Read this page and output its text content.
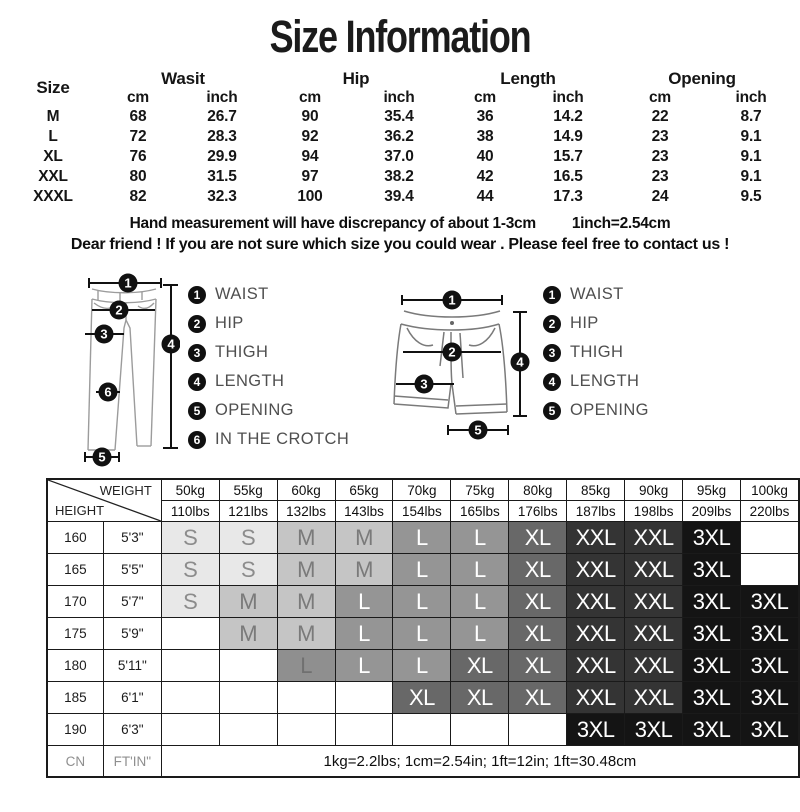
Size Information
Size	Wasit		Hip		Length		Opening	
	cm	inch	cm	inch	cm	inch	cm	inch
M	68	26.7	90	35.4	36	14.2	22	8.7
L	72	28.3	92	36.2	38	14.9	23	9.1
XL	76	29.9	94	37.0	40	15.7	23	9.1
XXL	80	31.5	97	38.2	42	16.5	23	9.1
XXXL	82	32.3	100	39.4	44	17.3	24	9.5
Hand measurement will have discrepancy of about 1-3cm 1inch=2.54cm
Dear friend ! If you are not sure which size you could wear . Please feel free to contact us !
1
2
3
4
5
6
1 WAIST
2 HIP
3 THIGH
4 LENGTH
5 OPENING
6 IN THE CROTCH
1
2
3
4
5
1 WAIST
2 HIP
3 THIGH
4 LENGTH
5 OPENING
WEIGHT
HEIGHT		50kg	55kg	60kg	65kg	70kg	75kg	80kg	85kg	90kg	95kg	100kg
		110lbs	121lbs	132lbs	143lbs	154lbs	165lbs	176lbs	187lbs	198lbs	209lbs	220lbs
160	5'3"	S	S	M	M	L	L	XL	XXL	XXL	3XL	
165	5'5"	S	S	M	M	L	L	XL	XXL	XXL	3XL	
170	5'7"	S	M	M	L	L	L	XL	XXL	XXL	3XL	3XL
175	5'9"		M	M	L	L	L	XL	XXL	XXL	3XL	3XL
180	5'11"			L	L	L	XL	XL	XXL	XXL	3XL	3XL
185	6'1"					XL	XL	XL	XXL	XXL	3XL	3XL
190	6'3"								3XL	3XL	3XL	3XL
CN	FT'IN"	1kg=2.2lbs; 1cm=2.54in; 1ft=12in; 1ft=30.48cm										
